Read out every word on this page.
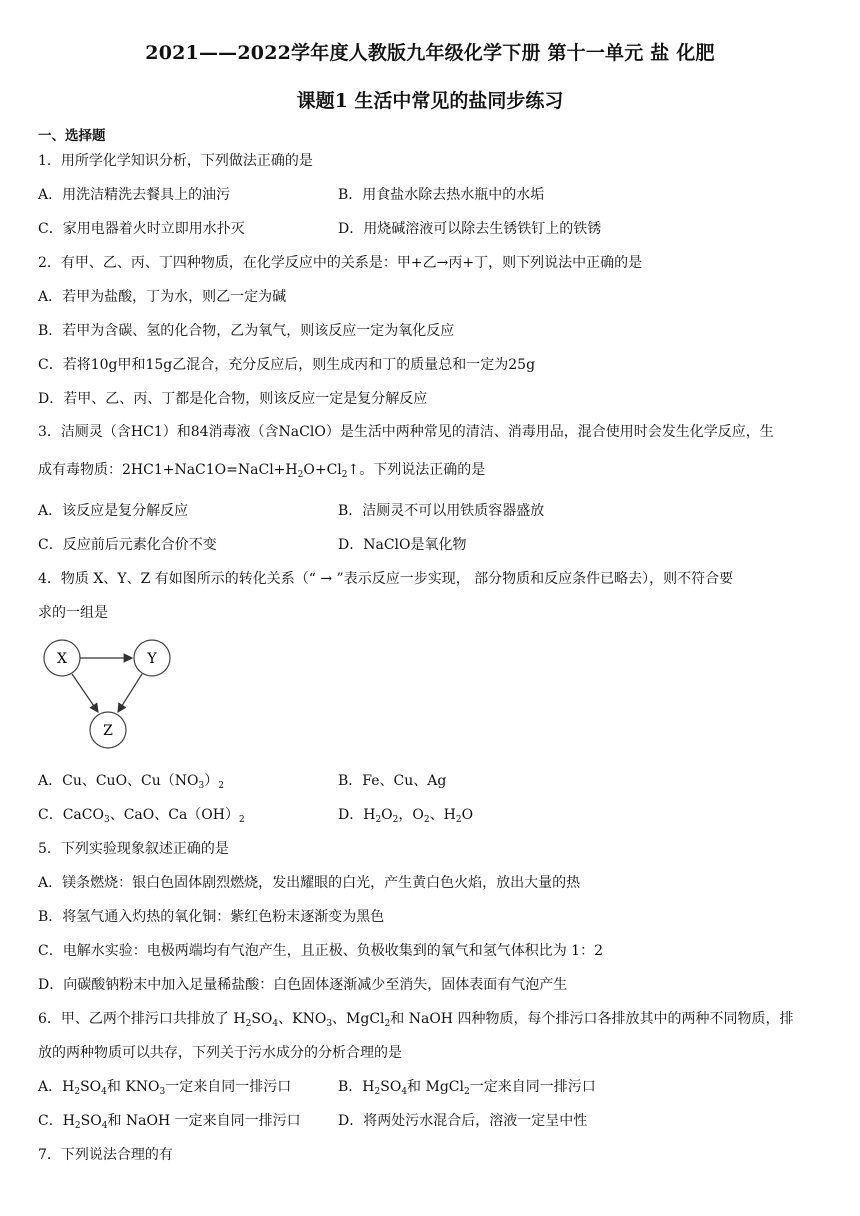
2021——2022学年度人教版九年级化学下册 第十一单元 盐 化肥
课题1 生活中常见的盐同步练习
一、选择题
1．用所学化学知识分析，下列做法正确的是
A．用洗洁精洗去餐具上的油污	B．用食盐水除去热水瓶中的水垢
C．家用电器着火时立即用水扑灭	D．用烧碱溶液可以除去生锈铁钉上的铁锈
2．有甲、乙、丙、丁四种物质，在化学反应中的关系是：甲+乙→丙+丁，则下列说法中正确的是
A．若甲为盐酸，丁为水，则乙一定为碱
B．若甲为含碳、氢的化合物，乙为氧气，则该反应一定为氧化反应
C．若将10g甲和15g乙混合，充分反应后，则生成丙和丁的质量总和一定为25g
D．若甲、乙、丙、丁都是化合物，则该反应一定是复分解反应
3．洁厕灵（含HC1）和84消毒液（含NaClO）是生活中两种常见的清洁、消毒用品，混合使用时会发生化学反应，生
成有毒物质：$2HC1+NaC1O=NaCl+H_2O+Cl_2↑$。下列说法正确的是
A．该反应是复分解反应	B．洁厕灵不可以用铁质容器盛放
C．反应前后元素化合价不变	D．NaClO是氧化物
4．物质 X、Y、Z 有如图所示的转化关系（“ → ”表示反应一步实现， 部分物质和反应条件已略去），则不符合要
求的一组是
X	Y
Z
A．Cu、CuO、$Cu(NO_3)_2$	B．Fe、Cu、Ag
C．CaCO$_3$、CaO、$Ca(OH)_2$	D．$H_2O_2$，$O_2$、$H_2O$
5．下列实验现象叙述正确的是
A．镁条燃烧：银白色固体剧烈燃烧，发出耀眼的白光，产生黄白色火焰，放出大量的热
B．将氢气通入灼热的氧化铜：紫红色粉末逐渐变为黑色
C．电解水实验：电极两端均有气泡产生，且正极、负极收集到的氧气和氢气体积比为 1：2
D．向碳酸钠粉末中加入足量稀盐酸：白色固体逐渐减少至消失，固体表面有气泡产生
6．甲、乙两个排污口共排放了 $H_2SO_4$、$KNO_3$、MgCl$_2$和 NaOH 四种物质，每个排污口各排放其中的两种不同物质，排
放的两种物质可以共存，下列关于污水成分的分析合理的是
A．$H_2SO_4$和 $KNO_3$一定来自同一排污口	B．$H_2SO_4$和 MgCl$_2$一定来自同一排污口
C．$H_2SO_4$和 NaOH 一定来自同一排污口	D．将两处污水混合后，溶液一定呈中性
7．下列说法合理的有
